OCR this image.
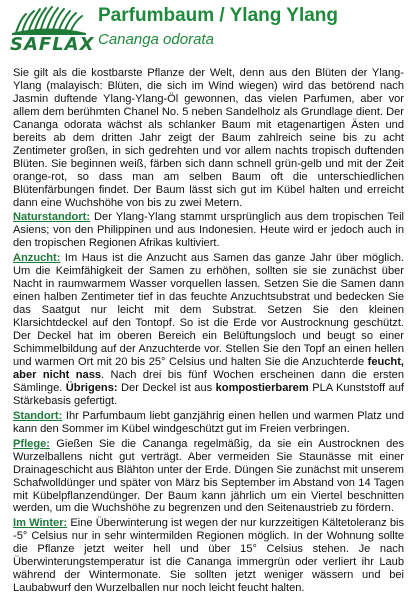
SAFLAX
Parfumbaum / Ylang Ylang
Cananga odorata

Sie gilt als die kostbarste Pflanze der Welt, denn aus den Blüten der Ylang-Ylang (malayisch: Blüten, die sich im Wind wiegen) wird das betörend nach Jasmin duftende Ylang-Ylang-Öl gewonnen, das vielen Parfumen, aber vor allem dem berühmten Chanel No. 5 neben Sandelholz als Grundlage dient. Der Cananga odorata wächst als schlanker Baum mit etagenartigen Ästen und bereits ab dem dritten Jahr zeigt der Baum zahlreich seine bis zu acht Zentimeter großen, in sich gedrehten und vor allem nachts tropisch duftenden Blüten. Sie beginnen weiß, färben sich dann schnell grün-gelb und mit der Zeit orange-rot, so dass man am selben Baum oft die unterschiedlichen Blütenfärbungen findet. Der Baum lässt sich gut im Kübel halten und erreicht dann eine Wuchshöhe von bis zu zwei Metern.

Naturstandort: Der Ylang-Ylang stammt ursprünglich aus dem tropischen Teil Asiens; von den Philippinen und aus Indonesien. Heute wird er jedoch auch in den tropischen Regionen Afrikas kultiviert.

Anzucht: Im Haus ist die Anzucht aus Samen das ganze Jahr über möglich. Um die Keimfähigkeit der Samen zu erhöhen, sollten sie sie zunächst über Nacht in raumwarmem Wasser vorquellen lassen. Setzen Sie die Samen dann einen halben Zentimeter tief in das feuchte Anzuchtsubstrat und bedecken Sie das Saatgut nur leicht mit dem Substrat. Setzen Sie den kleinen Klarsichtdeckel auf den Tontopf. So ist die Erde vor Austrocknung geschützt. Der Deckel hat im oberen Bereich ein Belüftungsloch und beugt so einer Schimmelbildung auf der Anzuchterde vor. Stellen Sie den Topf an einen hellen und warmen Ort mit 20 bis 25° Celsius und halten Sie die Anzuchterde feucht, aber nicht nass. Nach drei bis fünf Wochen erscheinen dann die ersten Sämlinge. Übrigens: Der Deckel ist aus kompostierbarem PLA Kunststoff auf Stärkebasis gefertigt.

Standort: Ihr Parfumbaum liebt ganzjährig einen hellen und warmen Platz und kann den Sommer im Kübel windgeschützt gut im Freien verbringen.

Pflege: Gießen Sie die Cananga regelmäßig, da sie ein Austrocknen des Wurzelballens nicht gut verträgt. Aber vermeiden Sie Staunässe mit einer Drainageschicht aus Blähton unter der Erde. Düngen Sie zunächst mit unserem Schafwolldünger und später von März bis September im Abstand von 14 Tagen mit Kübelpflanzendünger. Der Baum kann jährlich um ein Viertel beschnitten werden, um die Wuchshöhe zu begrenzen und den Seitenaustrieb zu fördern.

Im Winter: Eine Überwinterung ist wegen der nur kurzzeitigen Kältetoleranz bis -5° Celsius nur in sehr wintermilden Regionen möglich. In der Wohnung sollte die Pflanze jetzt weiter hell und über 15° Celsius stehen. Je nach Überwinterungstemperatur ist die Cananga immergrün oder verliert ihr Laub während der Wintermonate. Sie sollten jetzt weniger wässern und bei Laubabwurf den Wurzelballen nur noch leicht feucht halten.
